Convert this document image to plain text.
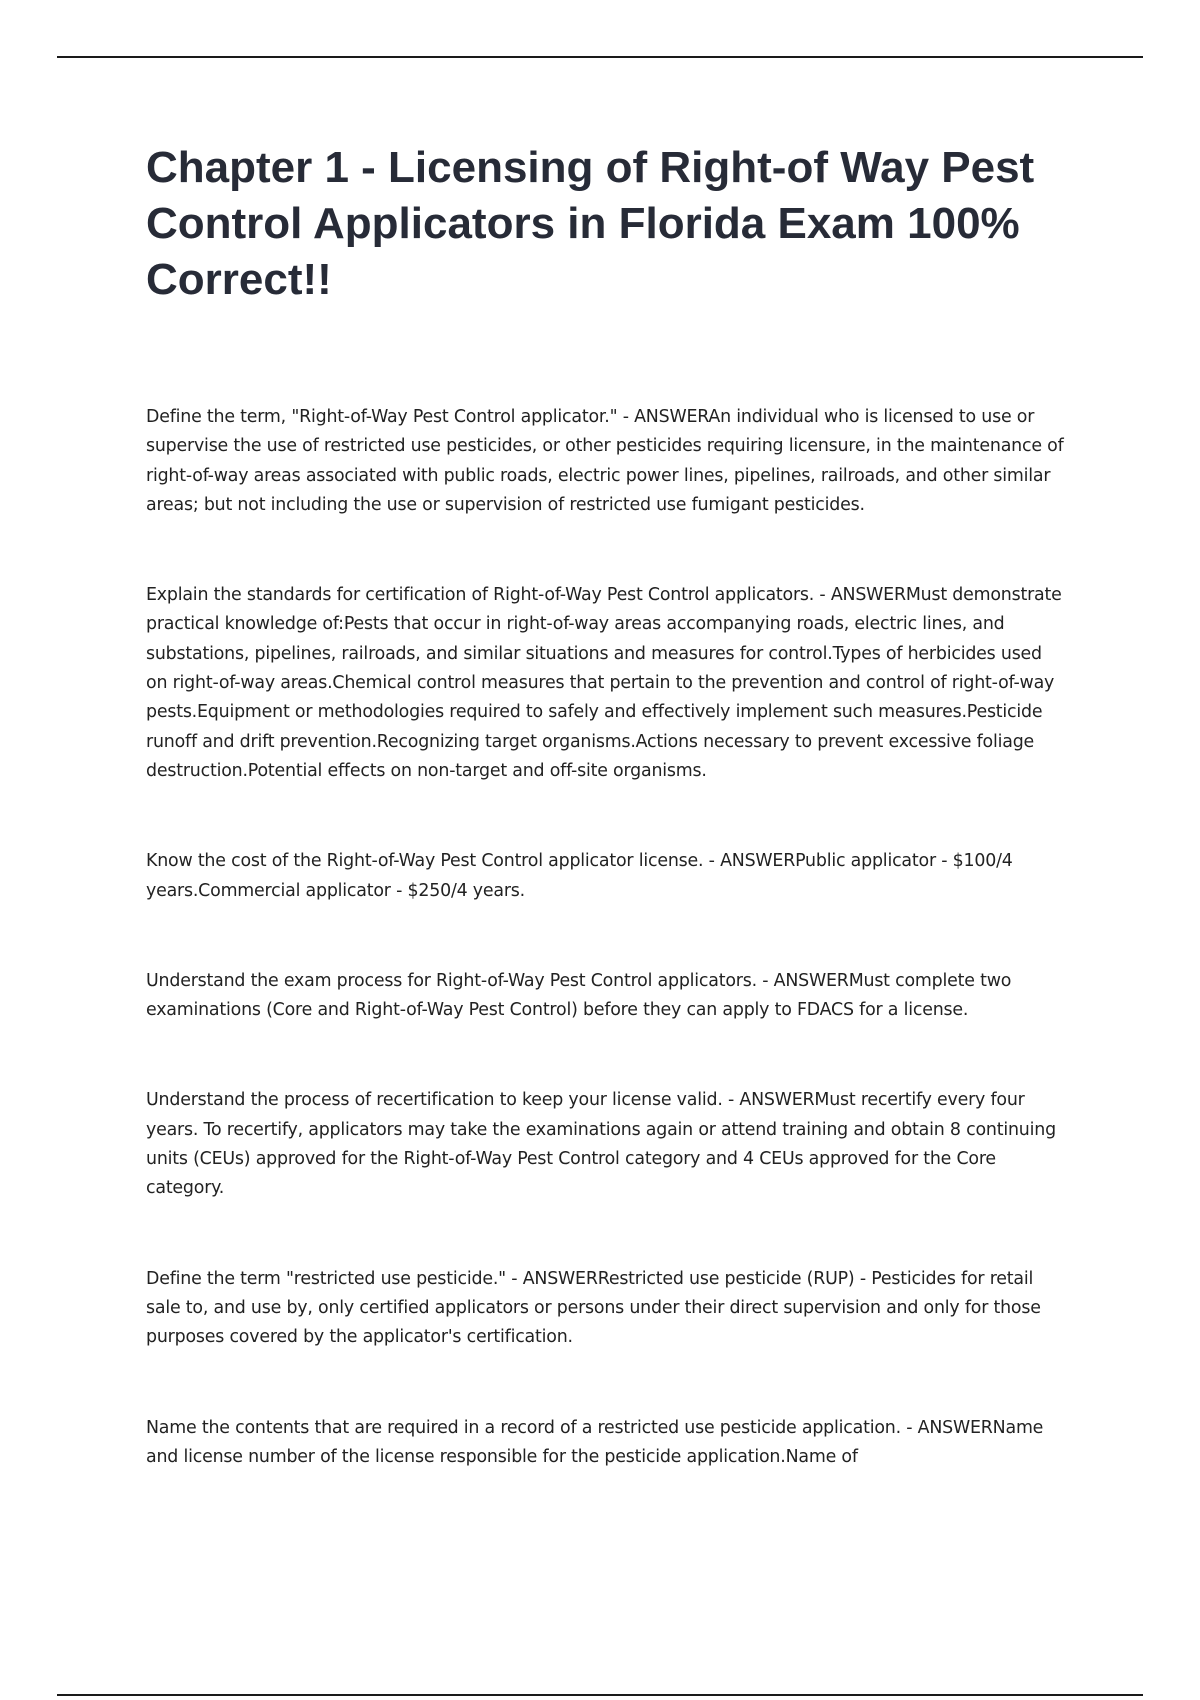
Chapter 1 - Licensing of Right-of Way Pest Control Applicators in Florida Exam 100% Correct!!

Define the term, "Right-of-Way Pest Control applicator." - ANSWERAn individual who is licensed to use or supervise the use of restricted use pesticides, or other pesticides requiring licensure, in the maintenance of right-of-way areas associated with public roads, electric power lines, pipelines, railroads, and other similar areas; but not including the use or supervision of restricted use fumigant pesticides.

Explain the standards for certification of Right-of-Way Pest Control applicators. - ANSWERMust demonstrate practical knowledge of:Pests that occur in right-of-way areas accompanying roads, electric lines, and substations, pipelines, railroads, and similar situations and measures for control.Types of herbicides used on right-of-way areas.Chemical control measures that pertain to the prevention and control of right-of-way pests.Equipment or methodologies required to safely and effectively implement such measures.Pesticide runoff and drift prevention.Recognizing target organisms.Actions necessary to prevent excessive foliage destruction.Potential effects on non-target and off-site organisms.

Know the cost of the Right-of-Way Pest Control applicator license. - ANSWERPublic applicator - $100/4 years.Commercial applicator - $250/4 years.

Understand the exam process for Right-of-Way Pest Control applicators. - ANSWERMust complete two examinations (Core and Right-of-Way Pest Control) before they can apply to FDACS for a license.

Understand the process of recertification to keep your license valid. - ANSWERMust recertify every four years. To recertify, applicators may take the examinations again or attend training and obtain 8 continuing units (CEUs) approved for the Right-of-Way Pest Control category and 4 CEUs approved for the Core category.

Define the term "restricted use pesticide." - ANSWERRestricted use pesticide (RUP) - Pesticides for retail sale to, and use by, only certified applicators or persons under their direct supervision and only for those purposes covered by the applicator's certification.

Name the contents that are required in a record of a restricted use pesticide application. - ANSWERName and license number of the license responsible for the pesticide application.Name of
